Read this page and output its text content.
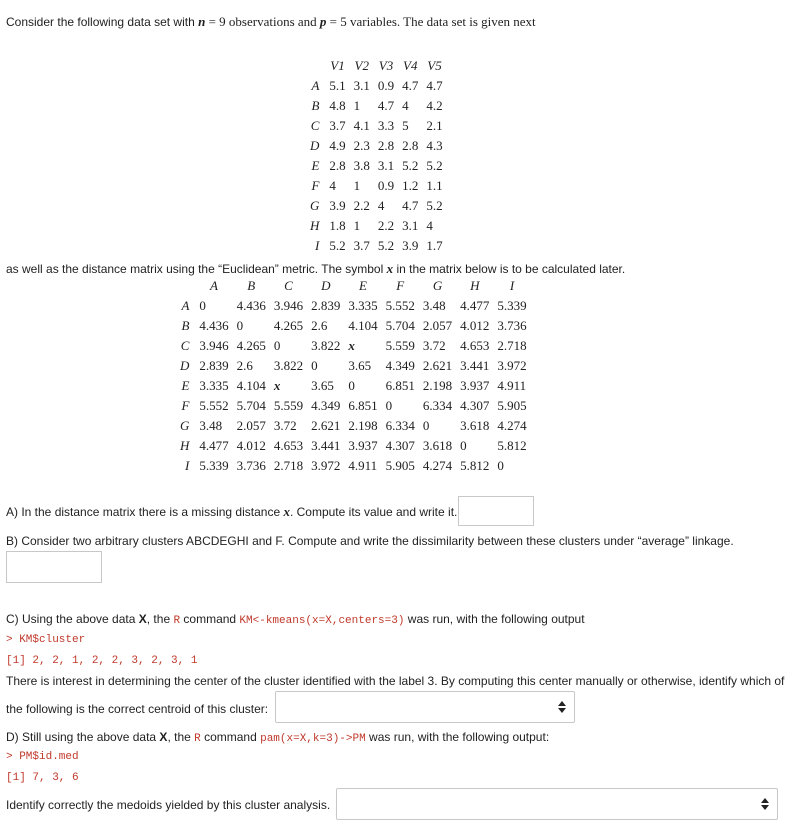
Consider the following data set with n = 9 observations and p = 5 variables. The data set is given next
	V1	V2	V3	V4	V5
A	5.1	3.1	0.9	4.7	4.7
B	4.8	1	4.7	4	4.2
C	3.7	4.1	3.3	5	2.1
D	4.9	2.3	2.8	2.8	4.3
E	2.8	3.8	3.1	5.2	5.2
F	4	1	0.9	1.2	1.1
G	3.9	2.2	4	4.7	5.2
H	1.8	1	2.2	3.1	4
I	5.2	3.7	5.2	3.9	1.7
as well as the distance matrix using the “Euclidean” metric. The symbol x in the matrix below is to be calculated later.
	A	B	C	D	E	F	G	H	I
A	0	4.436	3.946	2.839	3.335	5.552	3.48	4.477	5.339
B	4.436	0	4.265	2.6	4.104	5.704	2.057	4.012	3.736
C	3.946	4.265	0	3.822	x	5.559	3.72	4.653	2.718
D	2.839	2.6	3.822	0	3.65	4.349	2.621	3.441	3.972
E	3.335	4.104	x	3.65	0	6.851	2.198	3.937	4.911
F	5.552	5.704	5.559	4.349	6.851	0	6.334	4.307	5.905
G	3.48	2.057	3.72	2.621	2.198	6.334	0	3.618	4.274
H	4.477	4.012	4.653	3.441	3.937	4.307	3.618	0	5.812
I	5.339	3.736	2.718	3.972	4.911	5.905	4.274	5.812	0
A) In the distance matrix there is a missing distance x. Compute its value and write it.
B) Consider two arbitrary clusters ABCDEGHI and F. Compute and write the dissimilarity between these clusters under “average” linkage.
C) Using the above data X, the R command KM<-kmeans(x=X,centers=3) was run, with the following output
> KM$cluster
[1] 2, 2, 1, 2, 2, 3, 2, 3, 1
There is interest in determining the center of the cluster identified with the label 3. By computing this center manually or otherwise, identify which of
the following is the correct centroid of this cluster:
D) Still using the above data X, the R command pam(x=X,k=3)->PM was run, with the following output:
> PM$id.med
[1] 7, 3, 6
Identify correctly the medoids yielded by this cluster analysis.
